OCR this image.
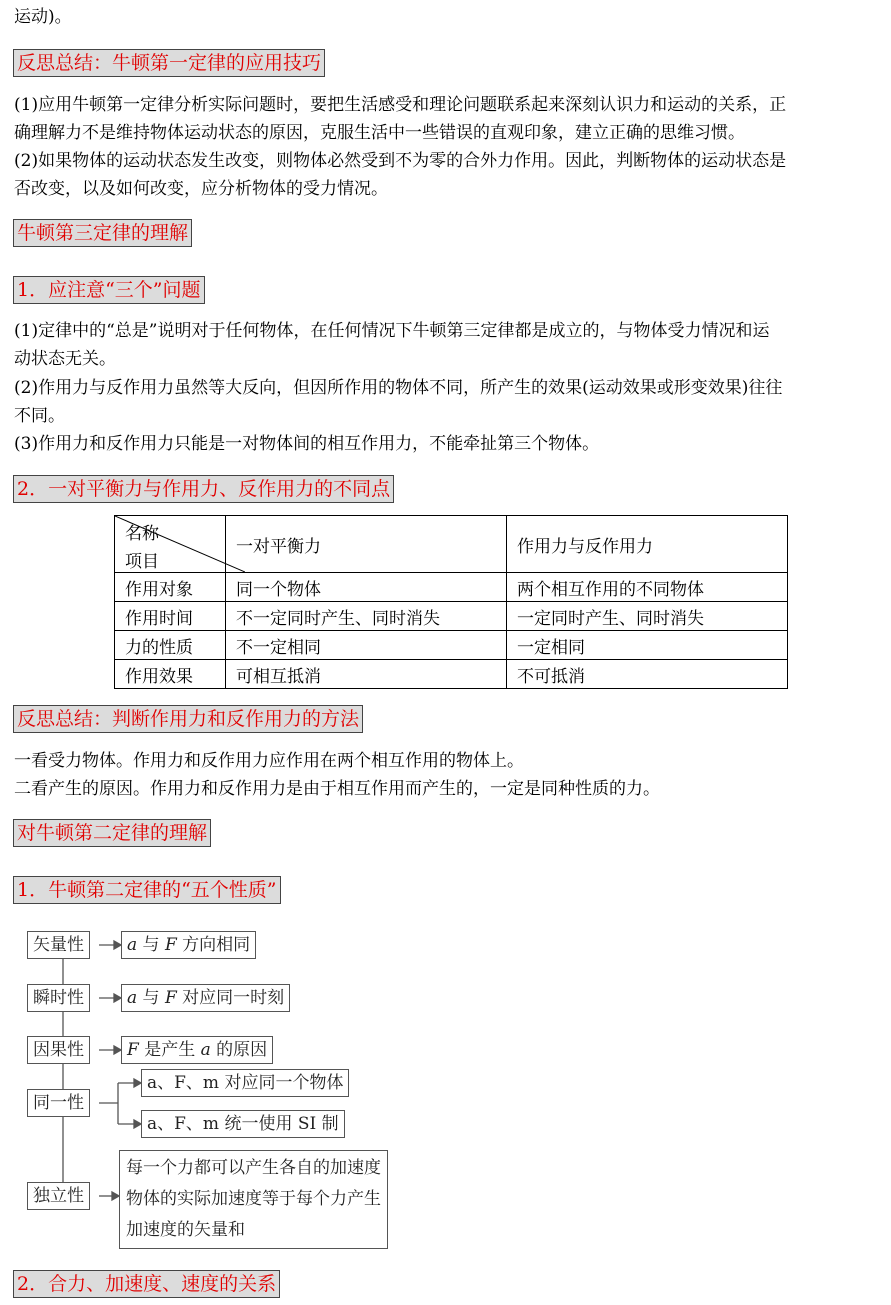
运动)。
反思总结：牛顿第一定律的应用技巧
(1)应用牛顿第一定律分析实际问题时，要把生活感受和理论问题联系起来深刻认识力和运动的关系，正
确理解力不是维持物体运动状态的原因，克服生活中一些错误的直观印象，建立正确的思维习惯。
(2)如果物体的运动状态发生改变，则物体必然受到不为零的合外力作用。因此，判断物体的运动状态是
否改变，以及如何改变，应分析物体的受力情况。
牛顿第三定律的理解
1．应注意“三个”问题
(1)定律中的“总是”说明对于任何物体，在任何情况下牛顿第三定律都是成立的，与物体受力情况和运
动状态无关。
(2)作用力与反作用力虽然等大反向，但因所作用的物体不同，所产生的效果(运动效果或形变效果)往往
不同。
(3)作用力和反作用力只能是一对物体间的相互作用力，不能牵扯第三个物体。
2．一对平衡力与作用力、反作用力的不同点
名称
项目	一对平衡力	作用力与反作用力
作用对象	同一个物体	两个相互作用的不同物体
作用时间	不一定同时产生、同时消失	一定同时产生、同时消失
力的性质	不一定相同	一定相同
作用效果	可相互抵消	不可抵消
反思总结：判断作用力和反作用力的方法
一看受力物体。作用力和反作用力应作用在两个相互作用的物体上。
二看产生的原因。作用力和反作用力是由于相互作用而产生的，一定是同种性质的力。
对牛顿第二定律的理解
1．牛顿第二定律的“五个性质”
矢量性	a 与 F 方向相同
瞬时性	a 与 F 对应同一时刻
因果性	F 是产生 a 的原因
同一性
a、F、m 对应同一个物体
a、F、m 统一使用 SI 制
独立性
每一个力都可以产生各自的加速度
物体的实际加速度等于每个力产生
加速度的矢量和
2．合力、加速度、速度的关系
